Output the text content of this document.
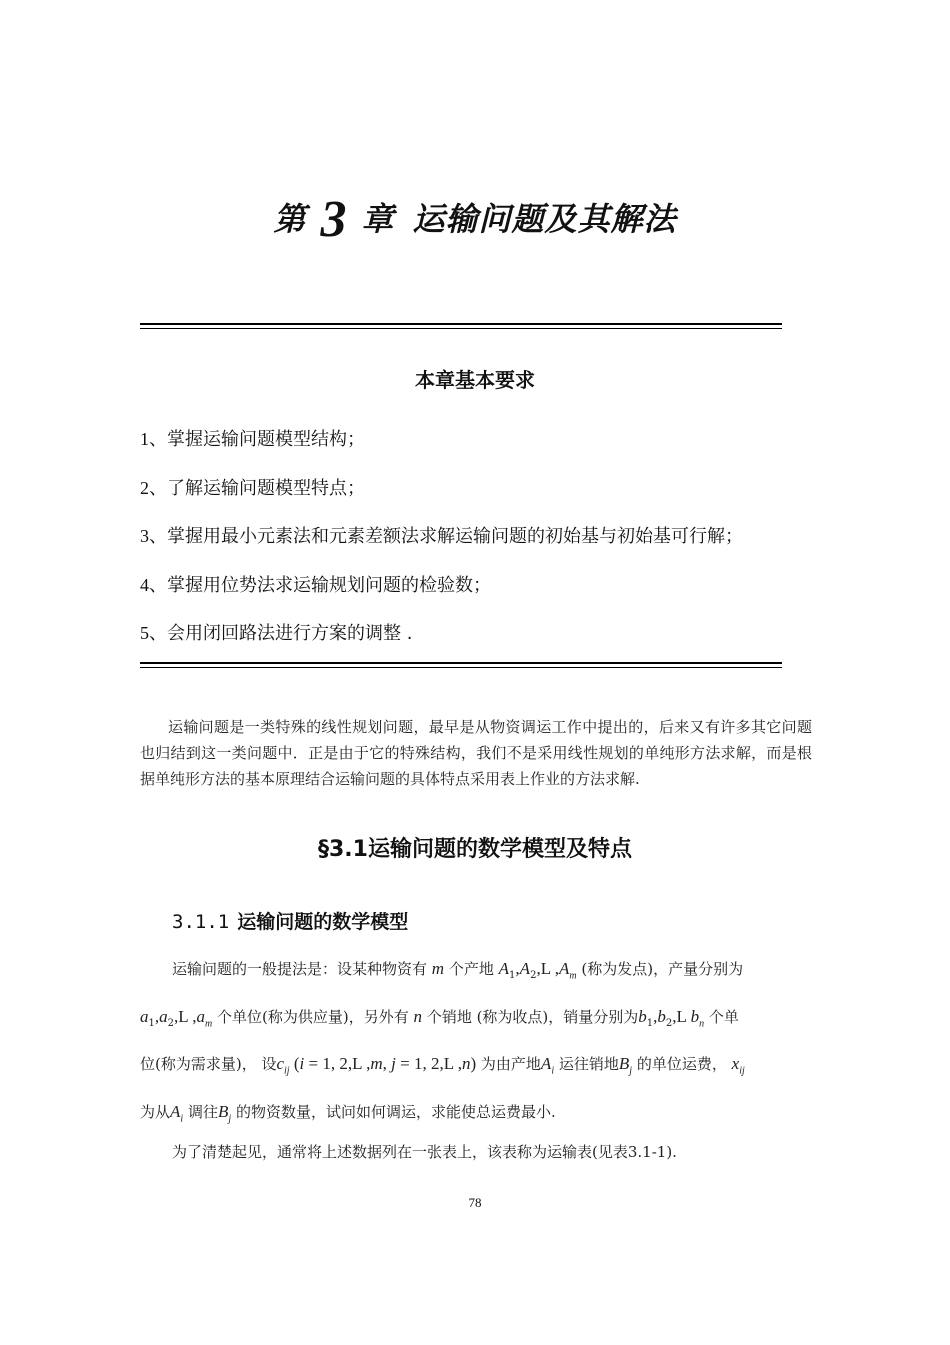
第 3 章 运输问题及其解法
本章基本要求
1、掌握运输问题模型结构；
2、了解运输问题模型特点；
3、掌握用最小元素法和元素差额法求解运输问题的初始基与初始基可行解；
4、掌握用位势法求运输规划问题的检验数；
5、会用闭回路法进行方案的调整 .
运输问题是一类特殊的线性规划问题，最早是从物资调运工作中提出的，后来又有许多其它问题也归结到这一类问题中．正是由于它的特殊结构，我们不是采用线性规划的单纯形方法求解，而是根据单纯形方法的基本原理结合运输问题的具体特点采用表上作业的方法求解.
§3.1运输问题的数学模型及特点
3.1.1 运输问题的数学模型
运输问题的一般提法是：设某种物资有 m 个产地 $A_1,A_2,L$ $,A_m$ (称为发点)，产量分别为
$a_1,a_2,L$ $,a_m$ 个单位(称为供应量)，另外有 n 个销地 (称为收点)，销量分别为$b_1,b_2,L$ $b_n$ 个单
位(称为需求量)， 设$c_{ij}$ (i = 1, 2,L ,m, j = 1, 2,L ,n) 为由产地$A_i$ 运往销地$B_j$ 的单位运费， $x_{ij}$
为从$A_i$ 调往$B_j$ 的物资数量，试问如何调运，求能使总运费最小.
为了清楚起见，通常将上述数据列在一张表上，该表称为运输表(见表3.1-1).
78
